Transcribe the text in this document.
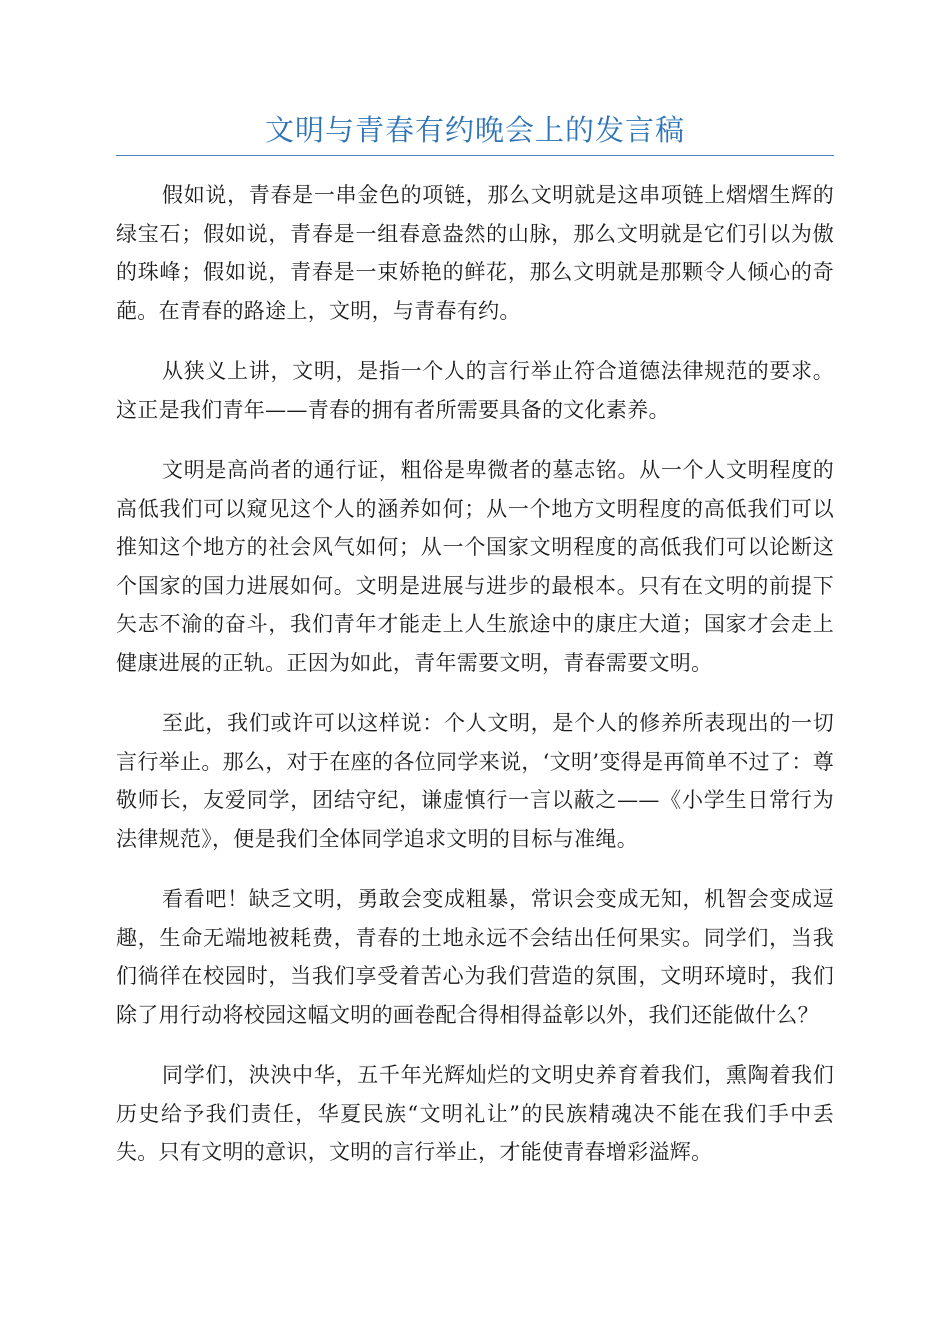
文明与青春有约晚会上的发言稿

假如说，青春是一串金色的项链，那么文明就是这串项链上熠熠生辉的绿宝石；假如说，青春是一组春意盎然的山脉，那么文明就是它们引以为傲的珠峰；假如说，青春是一束娇艳的鲜花，那么文明就是那颗令人倾心的奇葩。在青春的路途上，文明，与青春有约。

从狭义上讲，文明，是指一个人的言行举止符合道德法律规范的要求。这正是我们青年——青春的拥有者所需要具备的文化素养。

文明是高尚者的通行证，粗俗是卑微者的墓志铭。从一个人文明程度的高低我们可以窥见这个人的涵养如何；从一个地方文明程度的高低我们可以推知这个地方的社会风气如何；从一个国家文明程度的高低我们可以论断这个国家的国力进展如何。文明是进展与进步的最根本。只有在文明的前提下矢志不渝的奋斗，我们青年才能走上人生旅途中的康庄大道；国家才会走上健康进展的正轨。正因为如此，青年需要文明，青春需要文明。

至此，我们或许可以这样说：个人文明，是个人的修养所表现出的一切言行举止。那么，对于在座的各位同学来说，‘文明’变得是再简单不过了：尊敬师长，友爱同学，团结守纪，谦虚慎行一言以蔽之——《小学生日常行为法律规范》，便是我们全体同学追求文明的目标与准绳。

看看吧！缺乏文明，勇敢会变成粗暴，常识会变成无知，机智会变成逗趣，生命无端地被耗费，青春的土地永远不会结出任何果实。同学们，当我们徜徉在校园时，当我们享受着苦心为我们营造的氛围，文明环境时，我们除了用行动将校园这幅文明的画卷配合得相得益彰以外，我们还能做什么？

同学们，泱泱中华，五千年光辉灿烂的文明史养育着我们，熏陶着我们历史给予我们责任，华夏民族“文明礼让”的民族精魂决不能在我们手中丢失。只有文明的意识，文明的言行举止，才能使青春增彩溢辉。
